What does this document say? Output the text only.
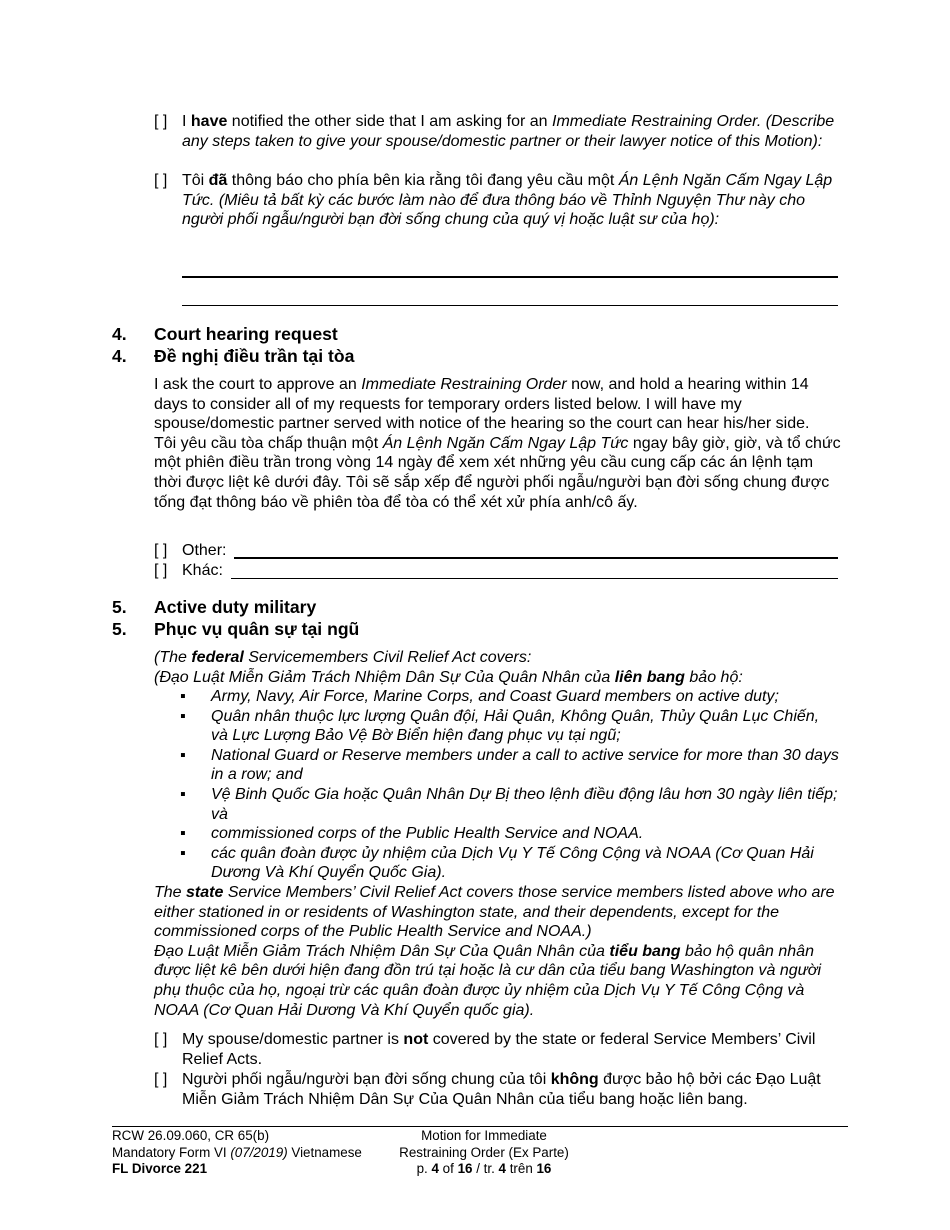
[ ] I have notified the other side that I am asking for an Immediate Restraining Order. (Describe any steps taken to give your spouse/domestic partner or their lawyer notice of this Motion):
[ ] Tôi đã thông báo cho phía bên kia rằng tôi đang yêu cầu một Án Lệnh Ngăn Cấm Ngay Lập Tức. (Miêu tả bất kỳ các bước làm nào để đưa thông báo về Thỉnh Nguyện Thư này cho người phối ngẫu/người bạn đời sống chung của quý vị hoặc luật sư của họ):
4. Court hearing request
4. Đề nghị điều trần tại tòa
I ask the court to approve an Immediate Restraining Order now, and hold a hearing within 14 days to consider all of my requests for temporary orders listed below. I will have my spouse/domestic partner served with notice of the hearing so the court can hear his/her side.
Tôi yêu cầu tòa chấp thuận một Án Lệnh Ngăn Cấm Ngay Lập Tức ngay bây giờ, giờ, và tổ chức một phiên điều trần trong vòng 14 ngày để xem xét những yêu cầu cung cấp các án lệnh tạm thời được liệt kê dưới đây. Tôi sẽ sắp xếp để người phối ngẫu/người bạn đời sống chung được tống đạt thông báo về phiên tòa để tòa có thể xét xử phía anh/cô ấy.
[ ] Other:
[ ] Khác:
5. Active duty military
5. Phục vụ quân sự tại ngũ
(The federal Servicemembers Civil Relief Act covers:
(Đạo Luật Miễn Giảm Trách Nhiệm Dân Sự Của Quân Nhân của liên bang bảo hộ:
▪ Army, Navy, Air Force, Marine Corps, and Coast Guard members on active duty;
▪ Quân nhân thuộc lực lượng Quân đội, Hải Quân, Không Quân, Thủy Quân Lục Chiến, và Lực Lượng Bảo Vệ Bờ Biển hiện đang phục vụ tại ngũ;
▪ National Guard or Reserve members under a call to active service for more than 30 days in a row; and
▪ Vệ Binh Quốc Gia hoặc Quân Nhân Dự Bị theo lệnh điều động lâu hơn 30 ngày liên tiếp; và
▪ commissioned corps of the Public Health Service and NOAA.
▪ các quân đoàn được ủy nhiệm của Dịch Vụ Y Tế Công Cộng và NOAA (Cơ Quan Hải Dương Và Khí Quyển Quốc Gia).
The state Service Members’ Civil Relief Act covers those service members listed above who are either stationed in or residents of Washington state, and their dependents, except for the commissioned corps of the Public Health Service and NOAA.)
Đạo Luật Miễn Giảm Trách Nhiệm Dân Sự Của Quân Nhân của tiểu bang bảo hộ quân nhân được liệt kê bên dưới hiện đang đồn trú tại hoặc là cư dân của tiểu bang Washington và người phụ thuộc của họ, ngoại trừ các quân đoàn được ủy nhiệm của Dịch Vụ Y Tế Công Cộng và NOAA (Cơ Quan Hải Dương Và Khí Quyển quốc gia).
[ ] My spouse/domestic partner is not covered by the state or federal Service Members’ Civil Relief Acts.
[ ] Người phối ngẫu/người bạn đời sống chung của tôi không được bảo hộ bởi các Đạo Luật Miễn Giảm Trách Nhiệm Dân Sự Của Quân Nhân của tiểu bang hoặc liên bang.
RCW 26.09.060, CR 65(b)
Mandatory Form VI (07/2019) Vietnamese
FL Divorce 221
Motion for Immediate
Restraining Order (Ex Parte)
p. 4 of 16 / tr. 4 trên 16
